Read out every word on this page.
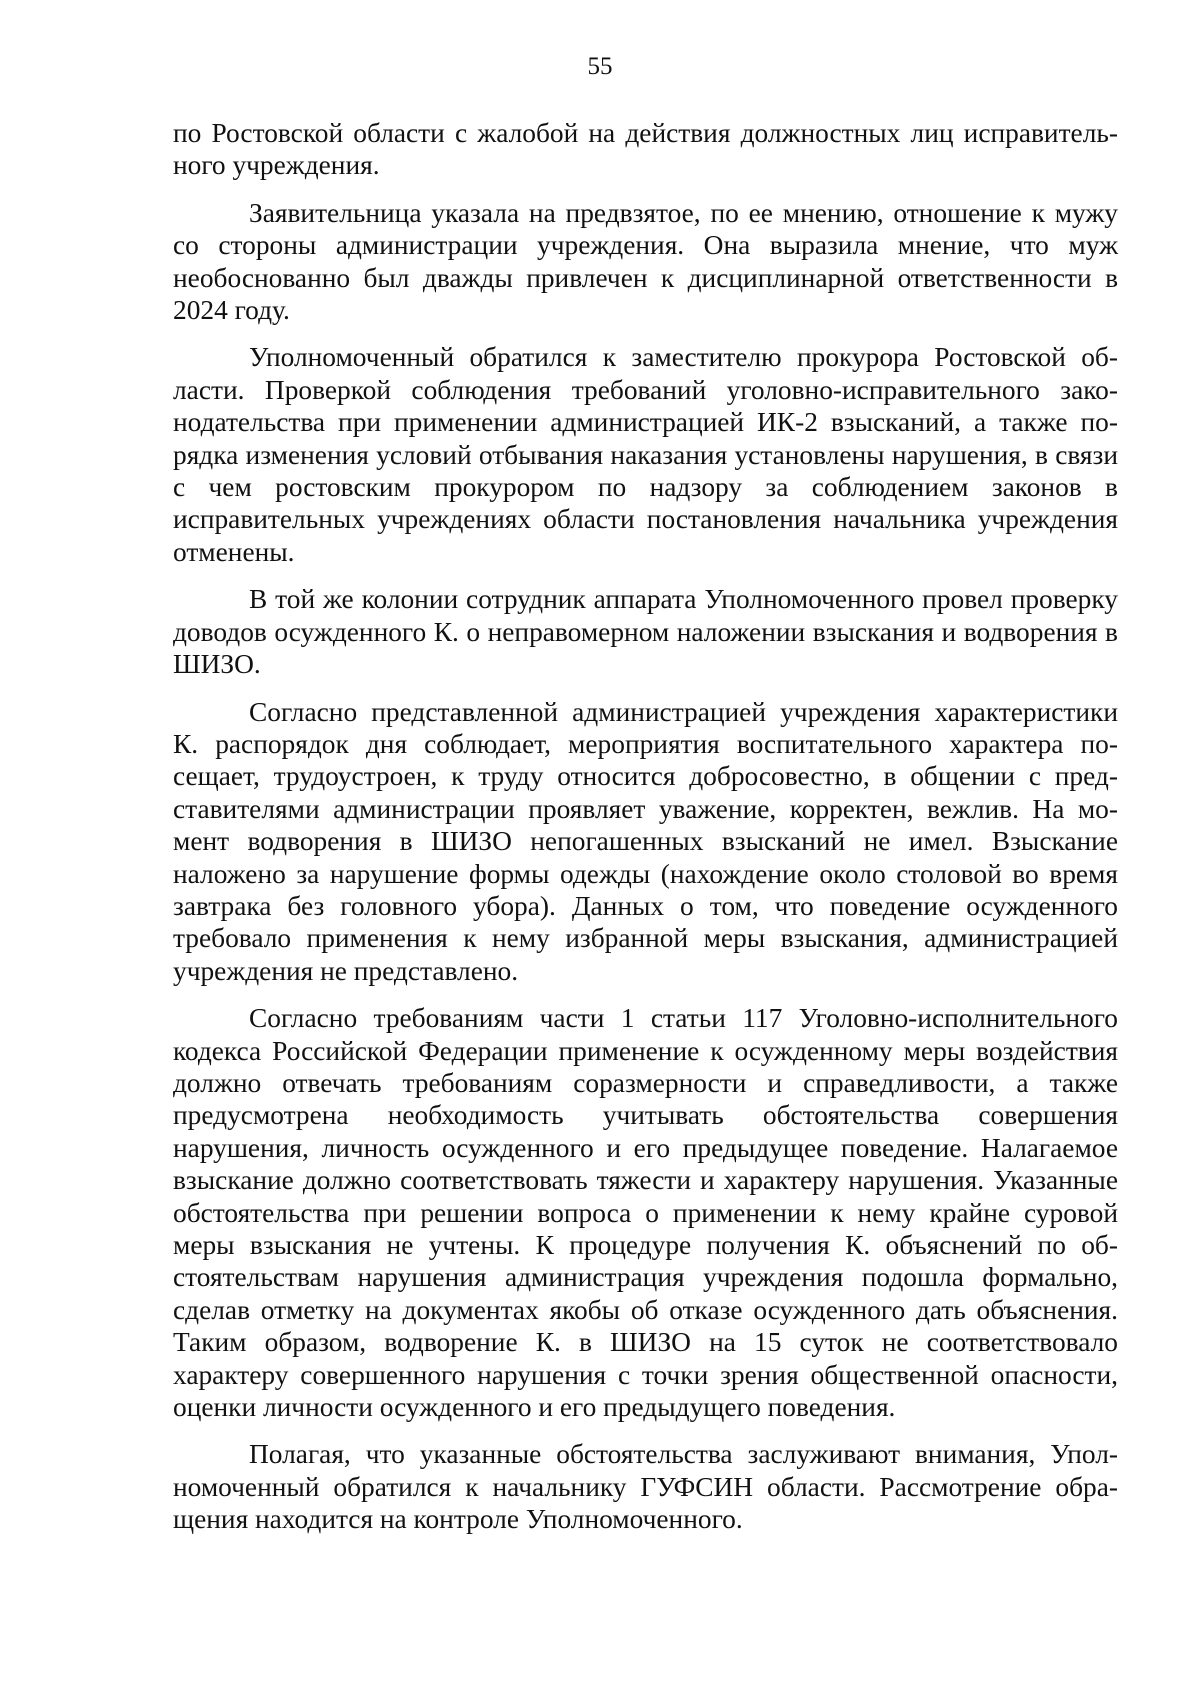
55

по Ростовской области с жалобой на действия должностных лиц исправительного учреждения.

Заявительница указала на предвзятое, по ее мнению, отношение к мужу со стороны администрации учреждения. Она выразила мнение, что муж необоснованно был дважды привлечен к дисциплинарной ответственности в 2024 году.

Уполномоченный обратился к заместителю прокурора Ростовской области. Проверкой соблюдения требований уголовно-исправительного законодательства при применении администрацией ИК-2 взысканий, а также порядка изменения условий отбывания наказания установлены нарушения, в связи с чем ростовским прокурором по надзору за соблюдением законов в исправительных учреждениях области постановления начальника учреждения отменены.

В той же колонии сотрудник аппарата Уполномоченного провел проверку доводов осужденного К. о неправомерном наложении взыскания и водворения в ШИЗО.

Согласно представленной администрацией учреждения характеристики К. распорядок дня соблюдает, мероприятия воспитательного характера посещает, трудоустроен, к труду относится добросовестно, в общении с представителями администрации проявляет уважение, корректен, вежлив. На момент водворения в ШИЗО непогашенных взысканий не имел. Взыскание наложено за нарушение формы одежды (нахождение около столовой во время завтрака без головного убора). Данных о том, что поведение осужденного требовало применения к нему избранной меры взыскания, администрацией учреждения не представлено.

Согласно требованиям части 1 статьи 117 Уголовно-исполнительного кодекса Российской Федерации применение к осужденному меры воздействия должно отвечать требованиям соразмерности и справедливости, а также предусмотрена необходимость учитывать обстоятельства совершения нарушения, личность осужденного и его предыдущее поведение. Налагаемое взыскание должно соответствовать тяжести и характеру нарушения. Указанные обстоятельства при решении вопроса о применении к нему крайне суровой меры взыскания не учтены. К процедуре получения К. объяснений по обстоятельствам нарушения администрация учреждения подошла формально, сделав отметку на документах якобы об отказе осужденного дать объяснения. Таким образом, водворение К. в ШИЗО на 15 суток не соответствовало характеру совершенного нарушения с точки зрения общественной опасности, оценки личности осужденного и его предыдущего поведения.

Полагая, что указанные обстоятельства заслуживают внимания, Уполномоченный обратился к начальнику ГУФСИН области. Рассмотрение обращения находится на контроле Уполномоченного.
